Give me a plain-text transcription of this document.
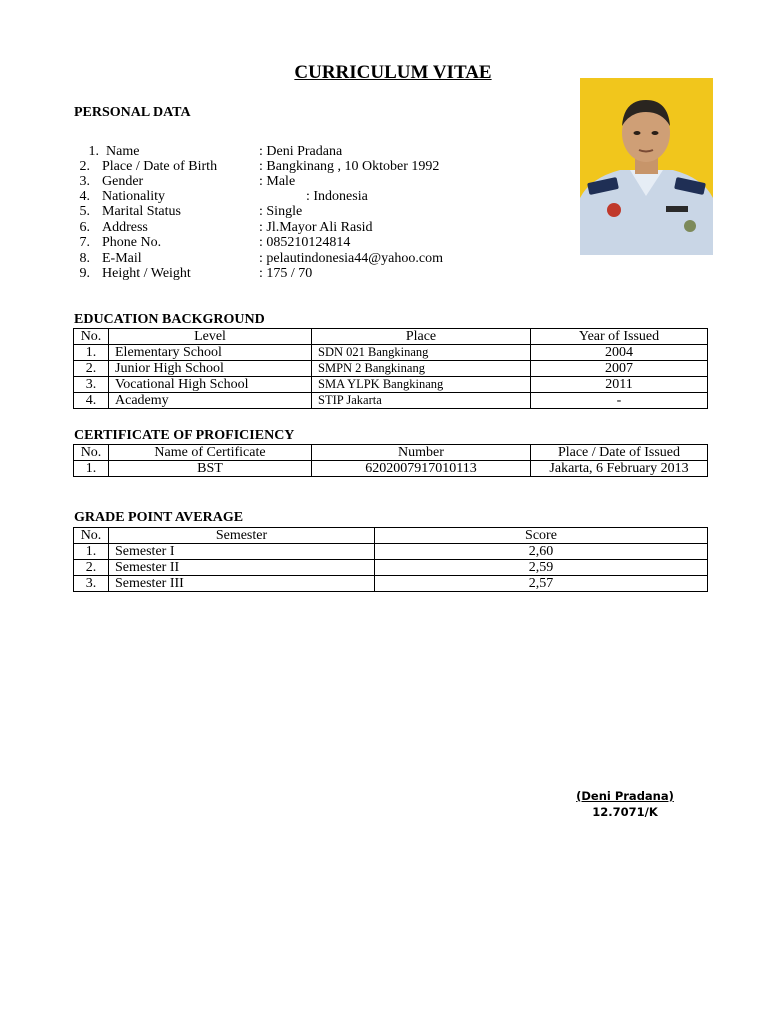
CURRICULUM VITAE
PERSONAL DATA
1. Name	: Deni Pradana
2. Place / Date of Birth	: Bangkinang , 10 Oktober 1992
3. Gender	: Male
4. Nationality	: Indonesia
5. Marital Status	: Single
6. Address	: Jl.Mayor Ali Rasid
7. Phone No.	: 085210124814
8. E-Mail	: pelautindonesia44@yahoo.com
9. Height / Weight	: 175 / 70
EDUCATION BACKGROUND
No.	Level	Place	Year of Issued
1.	Elementary School	SDN 021 Bangkinang	2004
2.	Junior High School	SMPN 2 Bangkinang	2007
3.	Vocational High School	SMA YLPK Bangkinang	2011
4.	Academy	STIP Jakarta	-
CERTIFICATE OF PROFICIENCY
No.	Name of Certificate	Number	Place / Date of Issued
1.	BST	6202007917010113	Jakarta, 6 February 2013
GRADE POINT AVERAGE
No.	Semester	Score
1.	Semester I	2,60
2.	Semester II	2,59
3.	Semester III	2,57
(Deni Pradana)
12.7071/K
